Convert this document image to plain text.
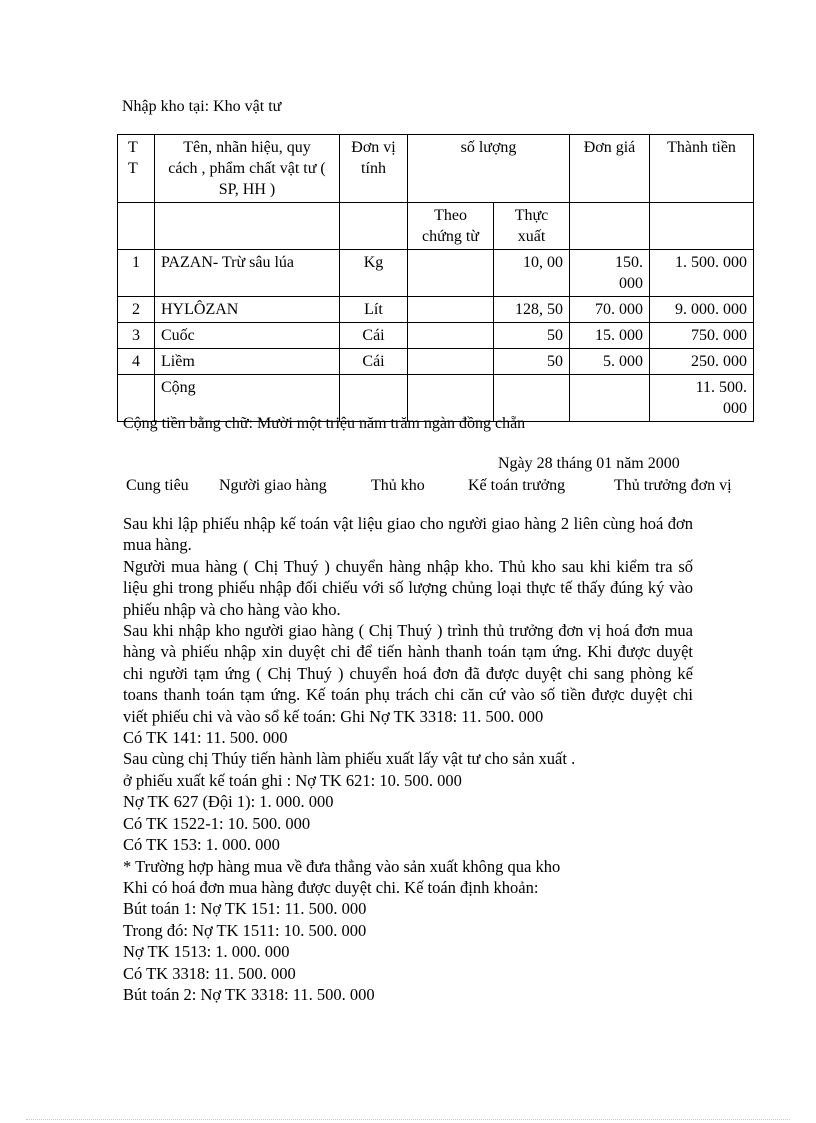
Nhập kho tại: Kho vật tư
T T	Tên, nhãn hiệu, quy cách , phẩm chất vật tư ( SP, HH )	Đơn vị tính	số lượng		Đơn giá	Thành tiền
			Theo chứng từ	Thực xuất		
1	PAZAN- Trừ sâu lúa	Kg		10, 00	150. 000	1. 500. 000
2	HYLÔZAN	Lít		128, 50	70. 000	9. 000. 000
3	Cuốc	Cái		50	15. 000	750. 000
4	Liềm	Cái		50	5. 000	250. 000
	Cộng					11. 500. 000
Cộng tiền bằng chữ: Mười một triệu năm trăm ngàn đồng chẵn
Ngày 28 tháng 01 năm 2000
Cung tiêu Người giao hàng	Thủ kho	Kế toán trưởng	Thủ trưởng đơn vị

Sau khi lập phiếu nhập kế toán vật liệu giao cho người giao hàng 2 liên cùng hoá đơn mua hàng.

Người mua hàng ( Chị Thuý ) chuyển hàng nhập kho. Thủ kho sau khi kiểm tra số liệu ghi trong phiếu nhập đối chiếu với số lượng chủng loại thực tế thấy đúng ký vào phiếu nhập và cho hàng vào kho.

Sau khi nhập kho người giao hàng ( Chị Thuý ) trình thủ trưởng đơn vị hoá đơn mua hàng và phiếu nhập xin duyệt chi để tiến hành thanh toán tạm ứng. Khi được duyệt chi người tạm ứng ( Chị Thuý ) chuyển hoá đơn đã được duyệt chi sang phòng kế toans thanh toán tạm ứng. Kế toán phụ trách chi căn cứ vào số tiền được duyệt chi viết phiếu chi và vào sổ kế toán: Ghi Nợ TK 3318: 11. 500. 000

Có TK 141: 11. 500. 000

Sau cùng chị Thúy tiến hành làm phiếu xuất lấy vật tư cho sản xuất .

ở phiếu xuất kế toán ghi : Nợ TK 621: 10. 500. 000

Nợ TK 627 (Đội 1): 1. 000. 000

Có TK 1522-1: 10. 500. 000

Có TK 153: 1. 000. 000

* Trường hợp hàng mua về đưa thẳng vào sản xuất không qua kho

Khi có hoá đơn mua hàng được duyệt chi. Kế toán định khoản:

Bút toán 1: Nợ TK 151: 11. 500. 000

Trong đó: Nợ TK 1511: 10. 500. 000

Nợ TK 1513: 1. 000. 000

Có TK 3318: 11. 500. 000

Bút toán 2: Nợ TK 3318: 11. 500. 000
